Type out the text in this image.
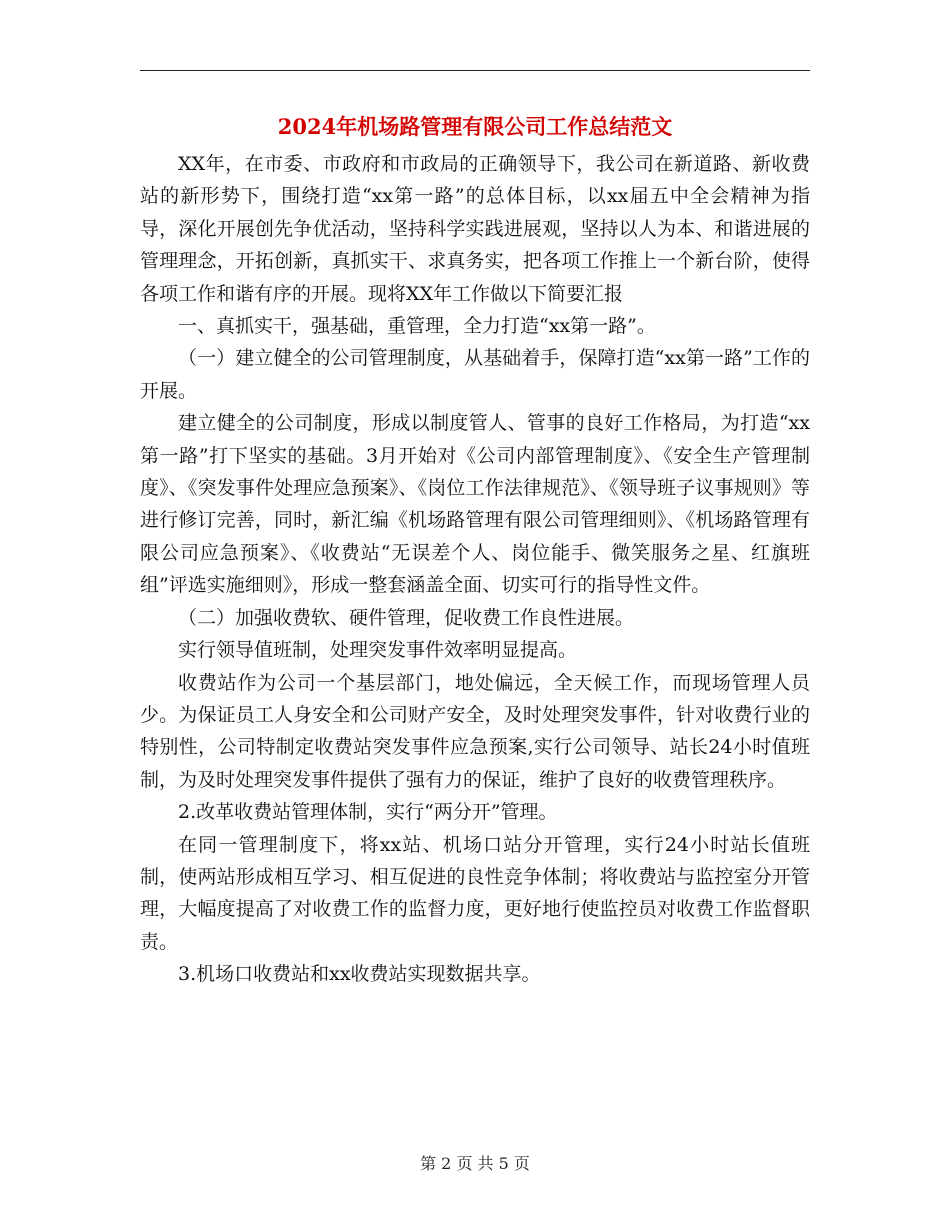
2024年机场路管理有限公司工作总结范文

XX年，在市委、市政府和市政局的正确领导下，我公司在新道路、新收费站的新形势下，围绕打造“xx第一路”的总体目标，以xx届五中全会精神为指导，深化开展创先争优活动，坚持科学实践进展观，坚持以人为本、和谐进展的管理理念，开拓创新，真抓实干、求真务实，把各项工作推上一个新台阶，使得各项工作和谐有序的开展。现将XX年工作做以下简要汇报

一、真抓实干，强基础，重管理，全力打造“xx第一路”。

（一）建立健全的公司管理制度，从基础着手，保障打造“xx第一路”工作的开展。

建立健全的公司制度，形成以制度管人、管事的良好工作格局，为打造“xx第一路”打下坚实的基础。3月开始对《公司内部管理制度》、《安全生产管理制度》、《突发事件处理应急预案》、《岗位工作法律规范》、《领导班子议事规则》等进行修订完善，同时，新汇编《机场路管理有限公司管理细则》、《机场路管理有限公司应急预案》、《收费站“无误差个人、岗位能手、微笑服务之星、红旗班组”评选实施细则》，形成一整套涵盖全面、切实可行的指导性文件。

（二）加强收费软、硬件管理，促收费工作良性进展。

实行领导值班制，处理突发事件效率明显提高。

收费站作为公司一个基层部门，地处偏远，全天候工作，而现场管理人员少。为保证员工人身安全和公司财产安全，及时处理突发事件，针对收费行业的特别性，公司特制定收费站突发事件应急预案,实行公司领导、站长24小时值班制，为及时处理突发事件提供了强有力的保证，维护了良好的收费管理秩序。

2.改革收费站管理体制，实行“两分开”管理。

在同一管理制度下，将xx站、机场口站分开管理，实行24小时站长值班制，使两站形成相互学习、相互促进的良性竞争体制；将收费站与监控室分开管理，大幅度提高了对收费工作的监督力度，更好地行使监控员对收费工作监督职责。

3.机场口收费站和xx收费站实现数据共享。

第 2 页 共 5 页
